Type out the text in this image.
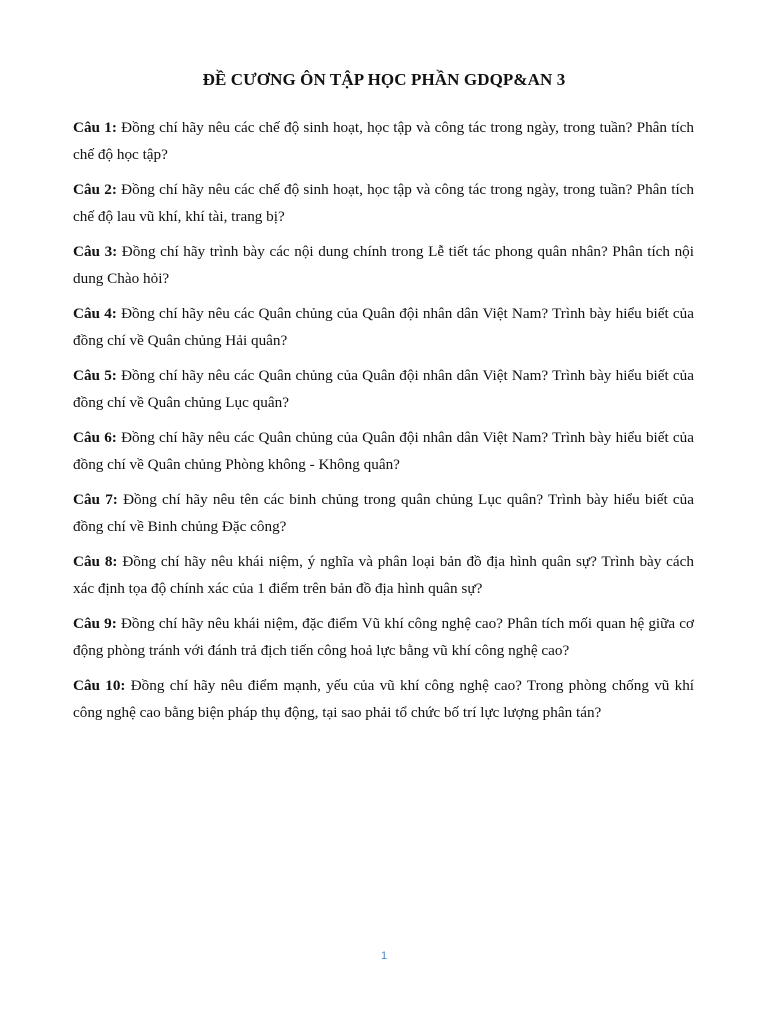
ĐỀ CƯƠNG ÔN TẬP HỌC PHẦN GDQP&AN 3

Câu 1: Đồng chí hãy nêu các chế độ sinh hoạt, học tập và công tác trong ngày, trong tuần? Phân tích chế độ học tập?

Câu 2: Đồng chí hãy nêu các chế độ sinh hoạt, học tập và công tác trong ngày, trong tuần? Phân tích chế độ lau vũ khí, khí tài, trang bị?

Câu 3: Đồng chí hãy trình bày các nội dung chính trong Lễ tiết tác phong quân nhân? Phân tích nội dung Chào hỏi?

Câu 4: Đồng chí hãy nêu các Quân chủng của Quân đội nhân dân Việt Nam? Trình bày hiểu biết của đồng chí về Quân chủng Hải quân?

Câu 5: Đồng chí hãy nêu các Quân chủng của Quân đội nhân dân Việt Nam? Trình bày hiểu biết của đồng chí về Quân chủng Lục quân?

Câu 6: Đồng chí hãy nêu các Quân chủng của Quân đội nhân dân Việt Nam? Trình bày hiểu biết của đồng chí về Quân chủng Phòng không - Không quân?

Câu 7: Đồng chí hãy nêu tên các binh chủng trong quân chủng Lục quân? Trình bày hiểu biết của đồng chí về Binh chủng Đặc công?

Câu 8: Đồng chí hãy nêu khái niệm, ý nghĩa và phân loại bản đồ địa hình quân sự? Trình bày cách xác định tọa độ chính xác của 1 điểm trên bản đồ địa hình quân sự?

Câu 9: Đồng chí hãy nêu khái niệm, đặc điểm Vũ khí công nghệ cao? Phân tích mối quan hệ giữa cơ động phòng tránh với đánh trả địch tiến công hoả lực bằng vũ khí công nghệ cao?

Câu 10: Đồng chí hãy nêu điểm mạnh, yếu của vũ khí công nghệ cao? Trong phòng chống vũ khí công nghệ cao bằng biện pháp thụ động, tại sao phải tổ chức bố trí lực lượng phân tán?

1
